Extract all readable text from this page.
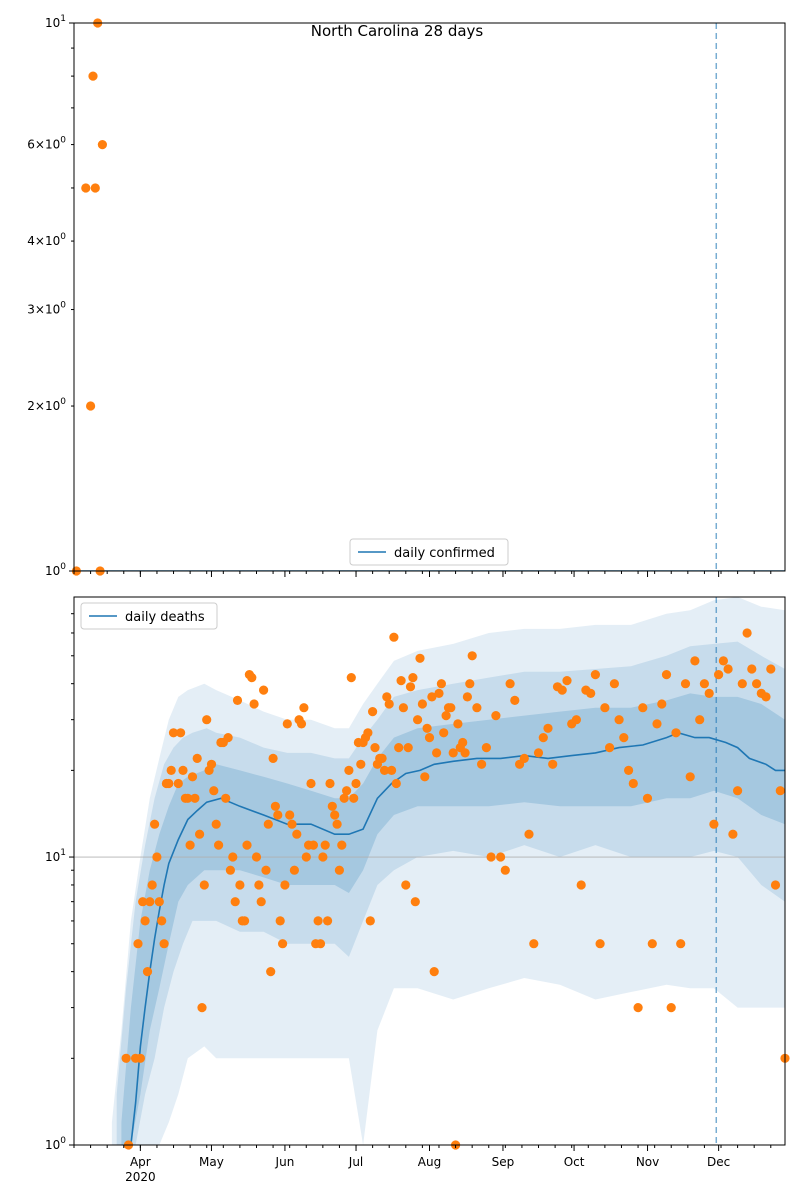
$10^1$
$6\times 10^0$
$4\times 10^0$
$3\times 10^0$
$2\times 10^0$
$10^0$
North Carolina 28 days
daily confirmed
$10^1$
$10^0$
Apr
2020
May	Jun	Jul	Aug	Sep	Oct	Nov	Dec
daily deaths
